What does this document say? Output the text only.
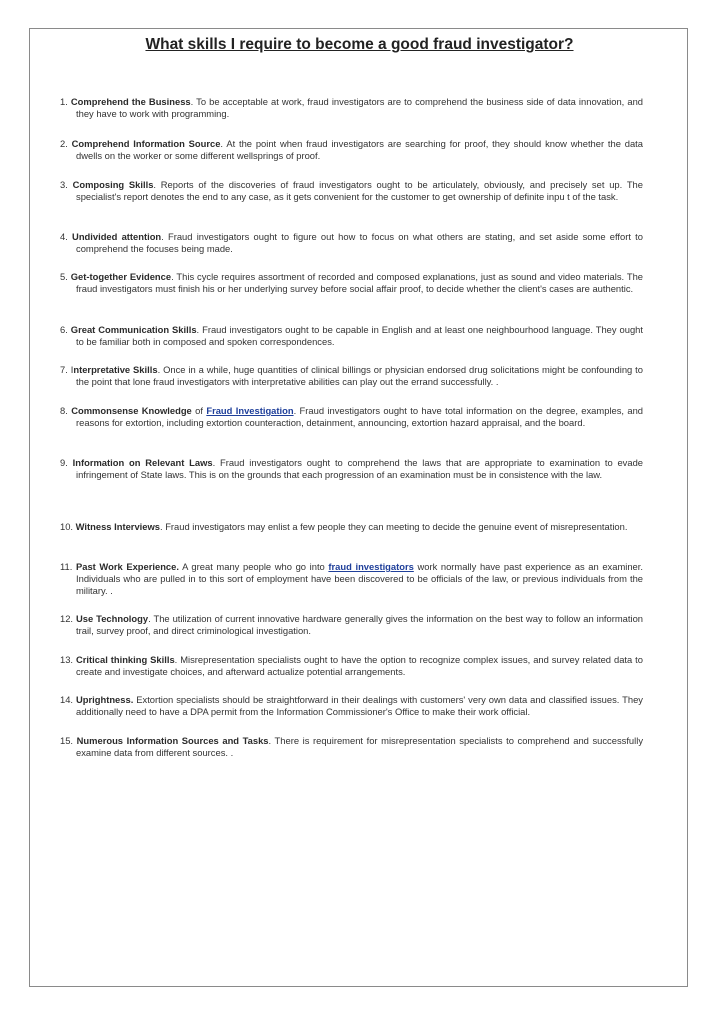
What skills I require to become a good fraud investigator?
1. Comprehend the Business. To be acceptable at work, fraud investigators are to comprehend the business side of data innovation, and they have to work with programming.
2. Comprehend Information Source. At the point when fraud investigators are searching for proof, they should know whether the data dwells on the worker or some different wellsprings of proof.
3. Composing Skills. Reports of the discoveries of fraud investigators ought to be articulately, obviously, and precisely set up. The specialist's report denotes the end to any case, as it gets convenient for the customer to get ownership of definite inpu t of the task.
4. Undivided attention. Fraud investigators ought to figure out how to focus on what others are stating, and set aside some effort to comprehend the focuses being made.
5. Get-together Evidence. This cycle requires assortment of recorded and composed explanations, just as sound and video materials. The fraud investigators must finish his or her underlying survey before social affair proof, to decide whether the client's cases are authentic.
6. Great Communication Skills. Fraud investigators ought to be capable in English and at least one neighbourhood language. They ought to be familiar both in composed and spoken correspondences.
7. Interpretative Skills. Once in a while, huge quantities of clinical billings or physician endorsed drug solicitations might be confounding to the point that lone fraud investigators with interpretative abilities can play out the errand successfully. .
8. Commonsense Knowledge of Fraud Investigation. Fraud investigators ought to have total information on the degree, examples, and reasons for extortion, including extortion counteraction, detainment, announcing, extortion hazard appraisal, and the board.
9. Information on Relevant Laws. Fraud investigators ought to comprehend the laws that are appropriate to examination to evade infringement of State laws. This is on the grounds that each progression of an examination must be in consistence with the law.
10. Witness Interviews. Fraud investigators may enlist a few people they can meeting to decide the genuine event of misrepresentation.
11. Past Work Experience. A great many people who go into fraud investigators work normally have past experience as an examiner. Individuals who are pulled in to this sort of employment have been discovered to be officials of the law, or previous individuals from the military. .
12. Use Technology. The utilization of current innovative hardware generally gives the information on the best way to follow an information trail, survey proof, and direct criminological investigation.
13. Critical thinking Skills. Misrepresentation specialists ought to have the option to recognize complex issues, and survey related data to create and investigate choices, and afterward actualize potential arrangements.
14. Uprightness. Extortion specialists should be straightforward in their dealings with customers' very own data and classified issues. They additionally need to have a DPA permit from the Information Commissioner's Office to make their work official.
15. Numerous Information Sources and Tasks. There is requirement for misrepresentation specialists to comprehend and successfully examine data from different sources. .
